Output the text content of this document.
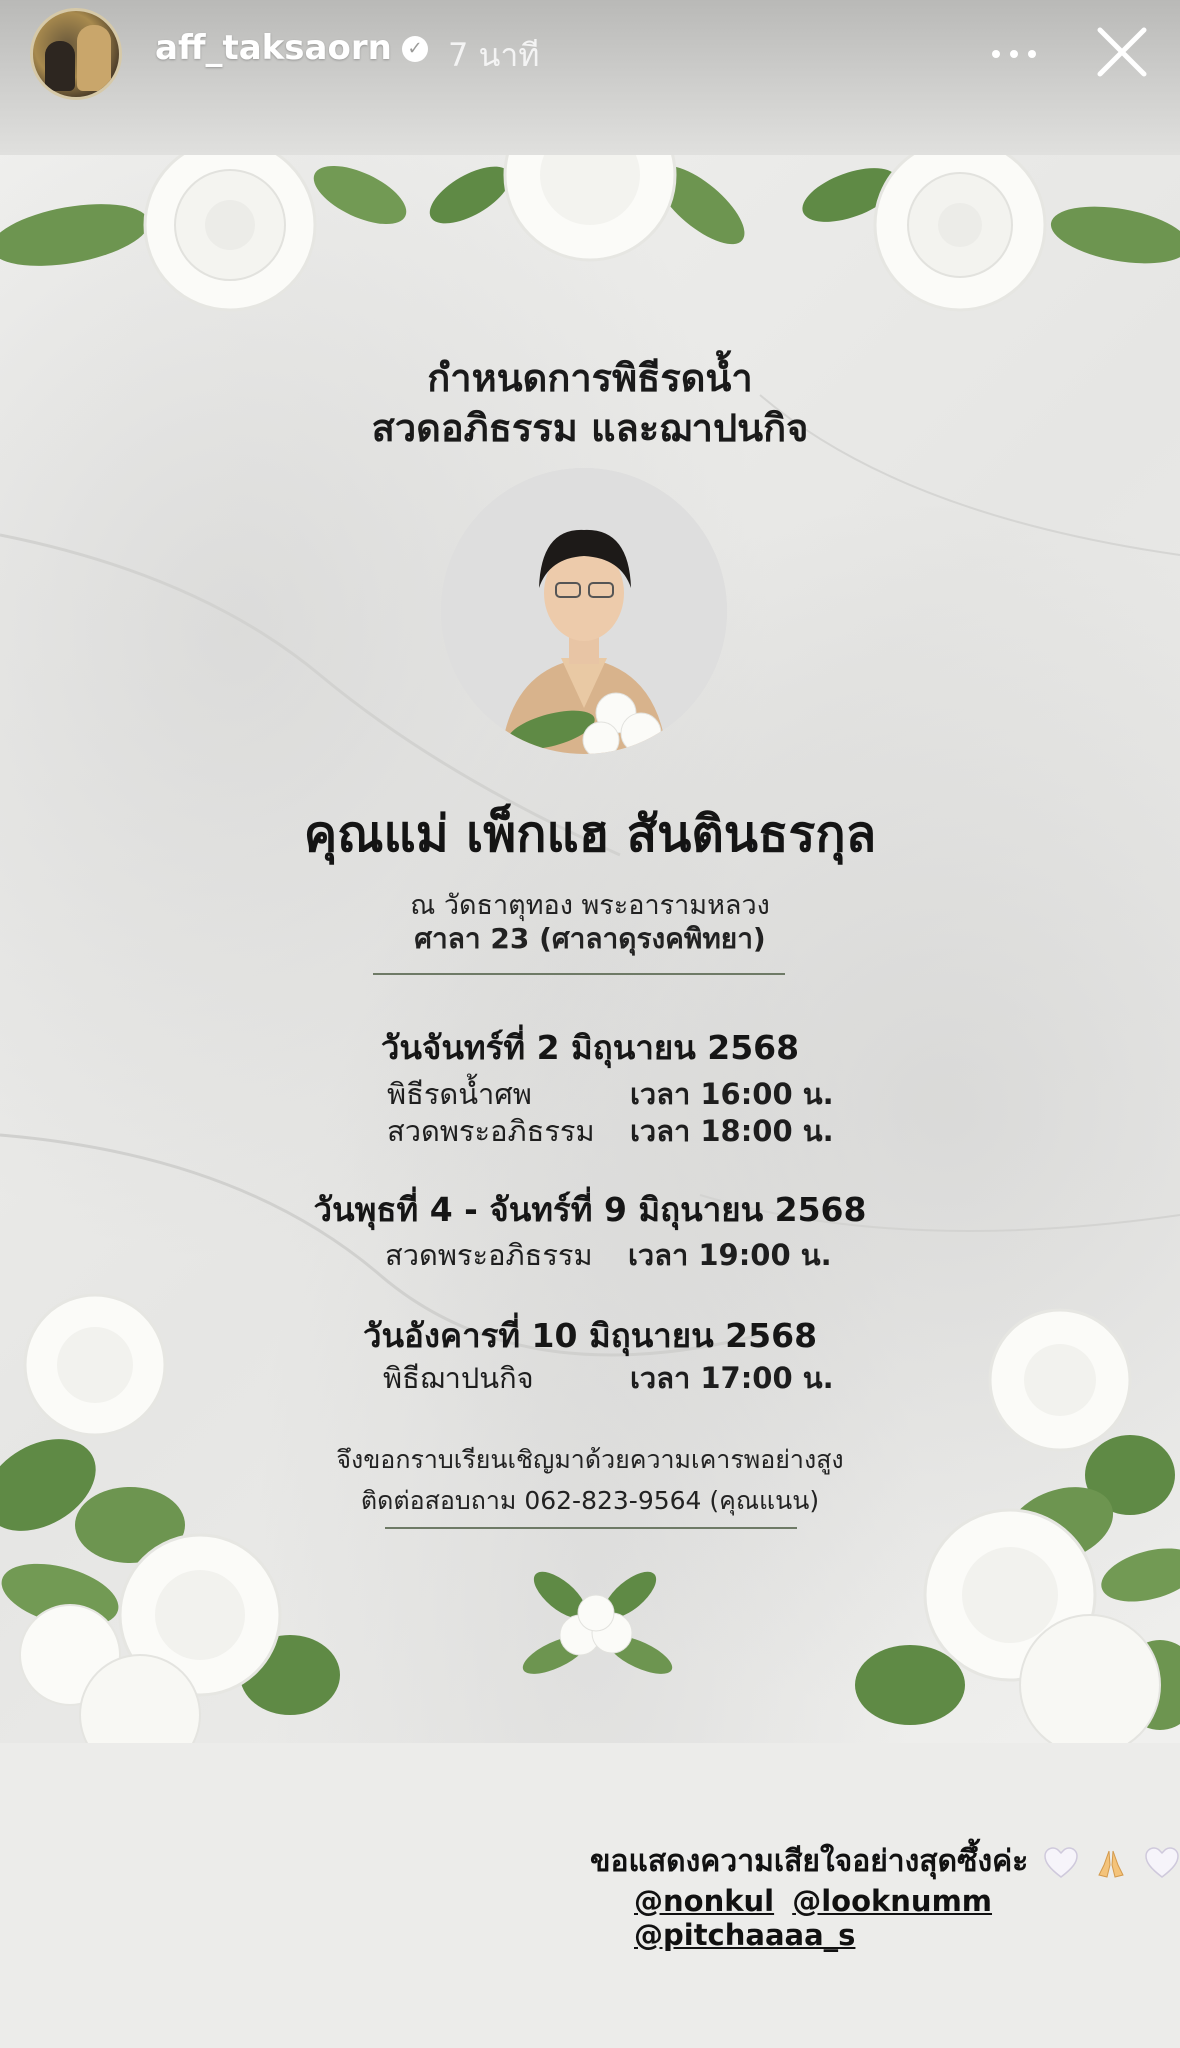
aff_taksaorn ✓ 7 นาที
กำหนดการพิธีรดน้ำ
สวดอภิธรรม และฌาปนกิจ
คุณแม่ เพ็กแฮ สันตินธรกุล
ณ วัดธาตุทอง พระอารามหลวง
ศาลา 23 (ศาลาดุรงคพิทยา)
วันจันทร์ที่ 2 มิถุนายน 2568
พิธีรดน้ำศพ	เวลา 16:00 น.
สวดพระอภิธรรม เวลา 18:00 น.
วันพุธที่ 4 - จันทร์ที่ 9 มิถุนายน 2568
สวดพระอภิธรรม เวลา 19:00 น.
วันอังคารที่ 10 มิถุนายน 2568
พิธีฌาปนกิจ	เวลา 17:00 น.
จึงขอกราบเรียนเชิญมาด้วยความเคารพอย่างสูง
ติดต่อสอบถาม 062-823-9564 (คุณแนน)
ขอแสดงความเสียใจอย่างสุดซึ้งค่ะ
@nonkul @looknumm @pitchaaaa_s
